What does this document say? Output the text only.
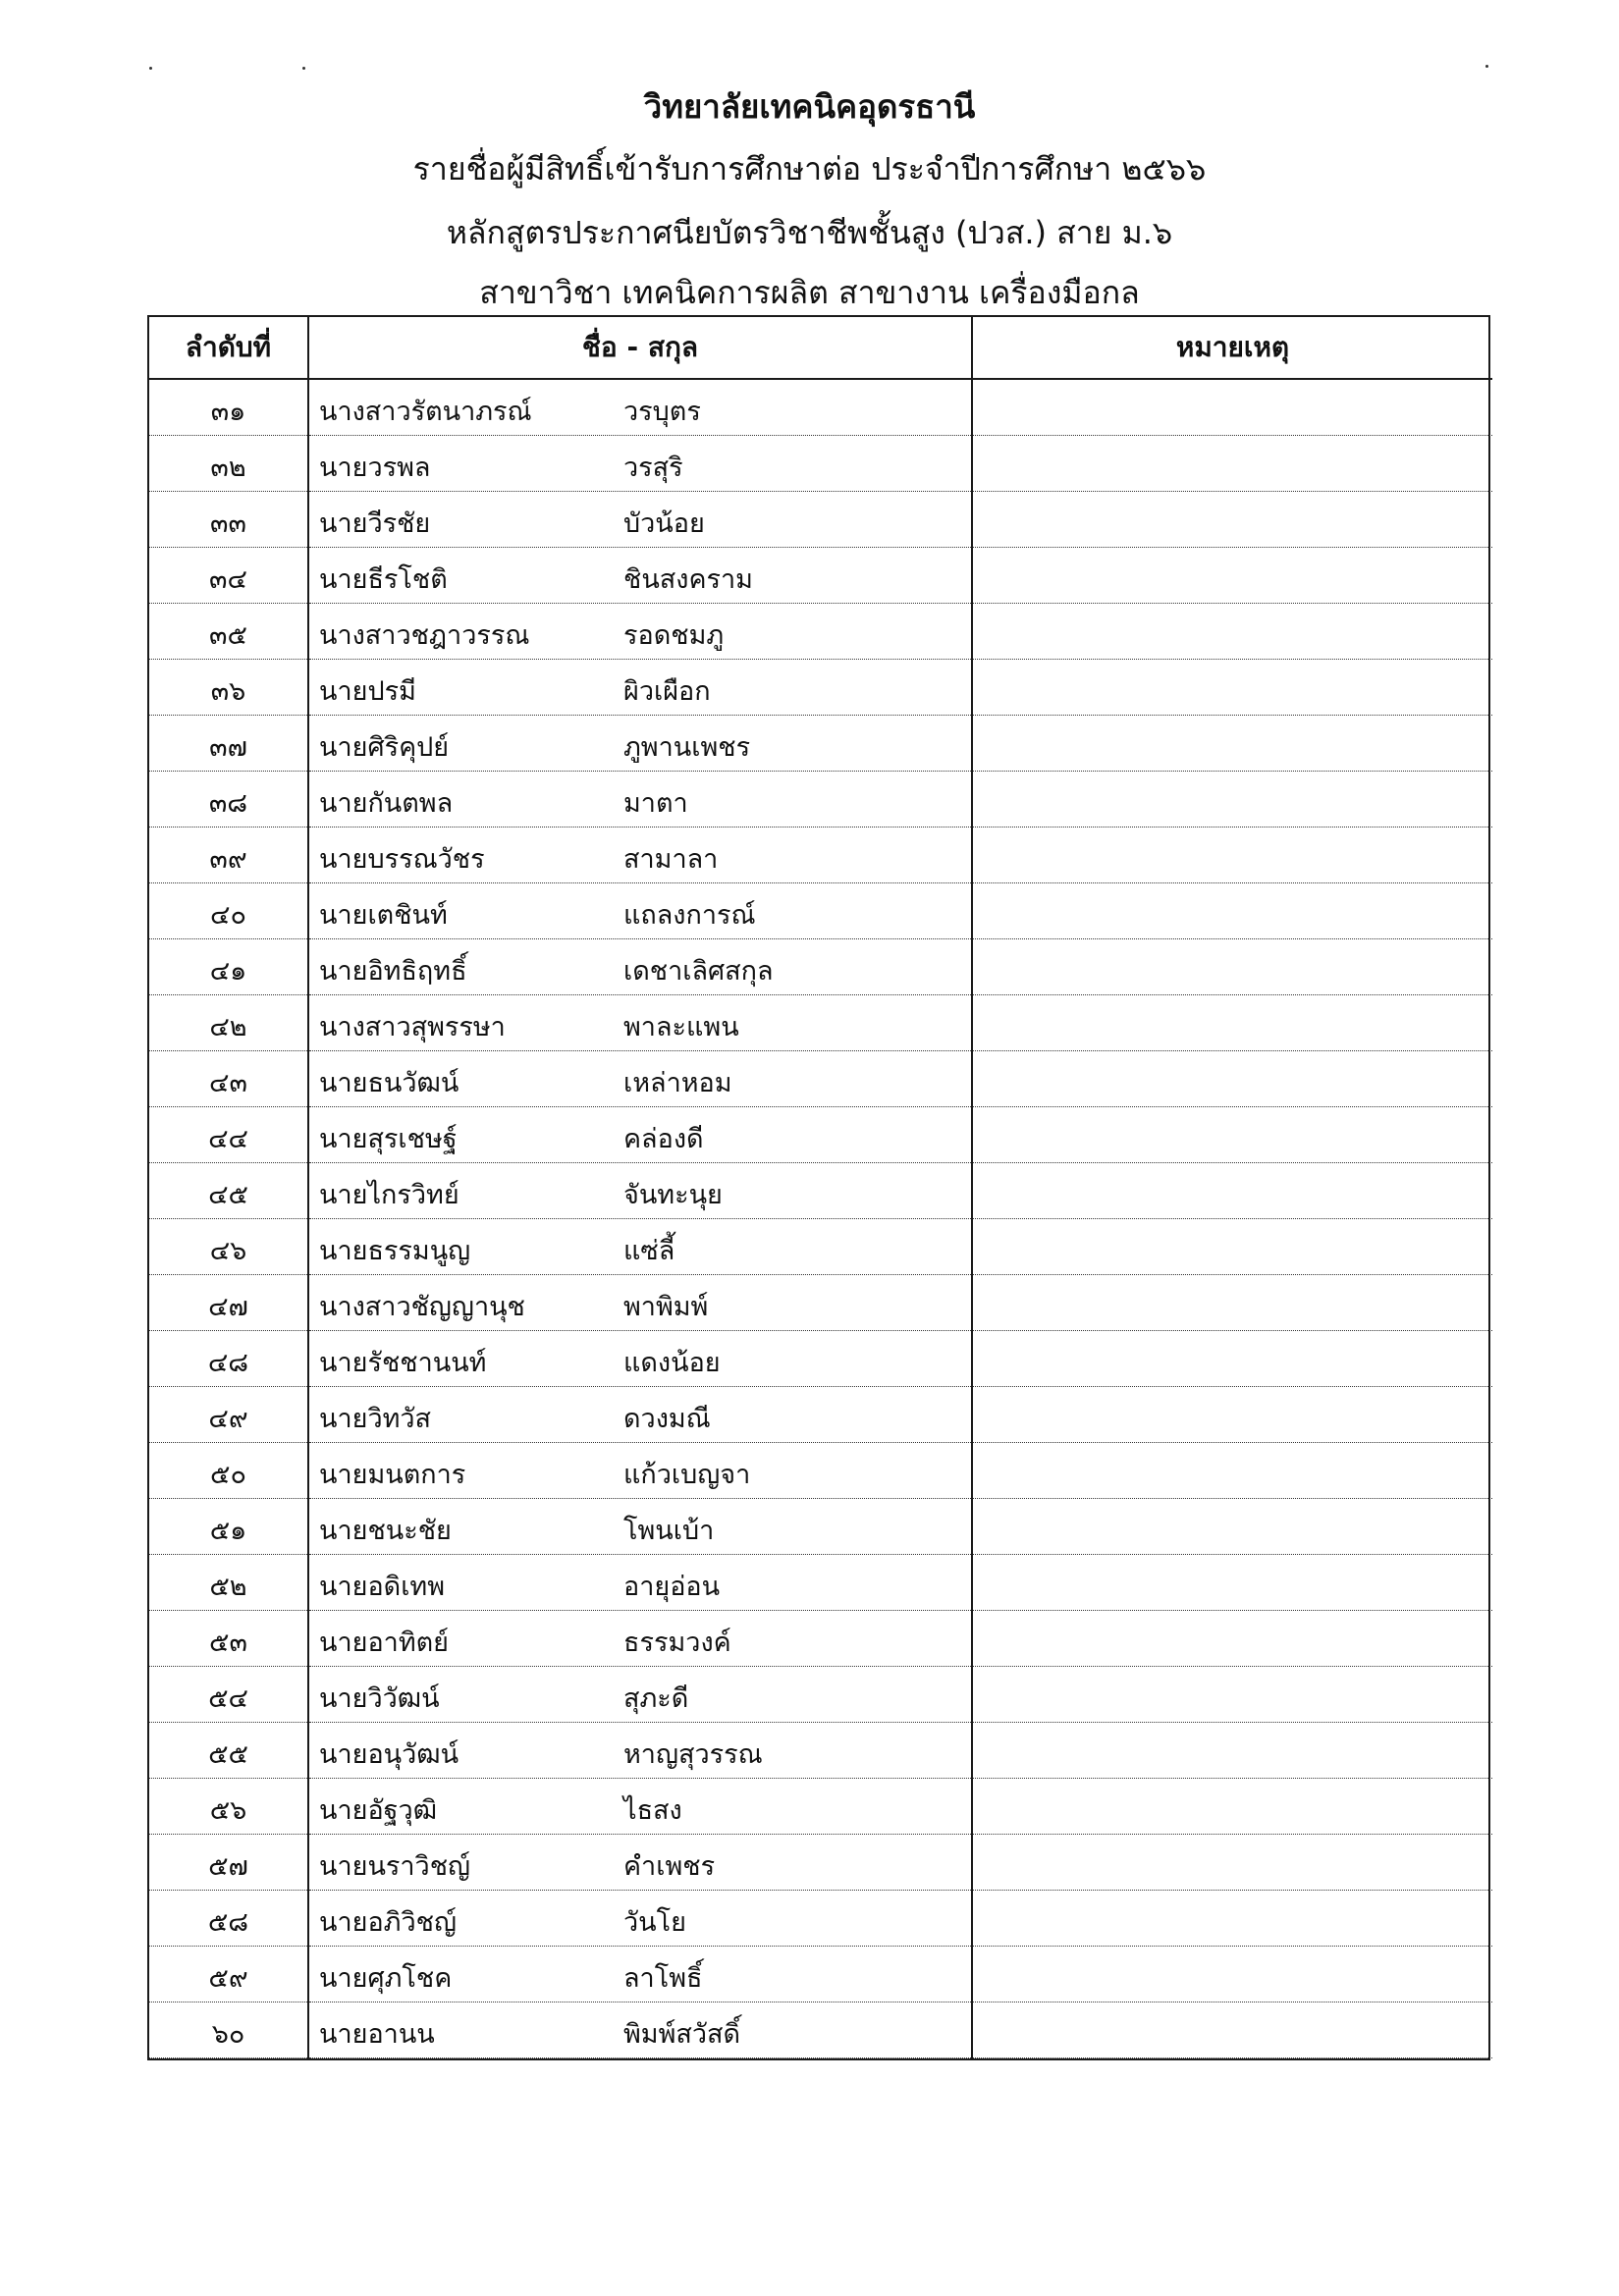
วิทยาลัยเทคนิคอุดรธานี
รายชื่อผู้มีสิทธิ์เข้ารับการศึกษาต่อ ประจำปีการศึกษา ๒๕๖๖
หลักสูตรประกาศนียบัตรวิชาชีพชั้นสูง (ปวส.) สาย ม.๖
สาขาวิชา เทคนิคการผลิต สาขางาน เครื่องมือกล
ลำดับที่	ชื่อ - สกุล	หมายเหตุ

๓๑	นางสาวรัตนาภรณ์ วรบุตร	

๓๒	นายวรพล วรสุริ	

๓๓	นายวีรชัย บัวน้อย	

๓๔	นายธีรโชติ ชินสงคราม	

๓๕	นางสาวชฎาวรรณ รอดชมภู	

๓๖	นายปรมี ผิวเผือก	

๓๗	นายศิริคุปย์ ภูพานเพชร	

๓๘	นายกันตพล มาตา	

๓๙	นายบรรณวัชร สามาลา	

๔๐	นายเตชินท์ แถลงการณ์	

๔๑	นายอิทธิฤทธิ์ เดชาเลิศสกุล	

๔๒	นางสาวสุพรรษา พาละแพน	

๔๓	นายธนวัฒน์ เหล่าหอม	

๔๔	นายสุรเชษฐ์ คล่องดี	

๔๕	นายไกรวิทย์ จันทะนุย	

๔๖	นายธรรมนูญ แซ่ลี้	

๔๗	นางสาวชัญญานุช พาพิมพ์	

๔๘	นายรัชชานนท์ แดงน้อย	

๔๙	นายวิทวัส ดวงมณี	

๕๐	นายมนตการ แก้วเบญจา	

๕๑	นายชนะชัย โพนเบ้า	

๕๒	นายอดิเทพ อายุอ่อน	

๕๓	นายอาทิตย์ ธรรมวงค์	

๕๔	นายวิวัฒน์ สุภะดี	

๕๕	นายอนุวัฒน์ หาญสุวรรณ	

๕๖	นายอัฐวุฒิ ไธสง	

๕๗	นายนราวิชญ์ คำเพชร	

๕๘	นายอภิวิชญ์ วันโย	

๕๙	นายศุภโชค ลาโพธิ์	

๖๐	นายอานน พิมพ์สวัสดิ์	
